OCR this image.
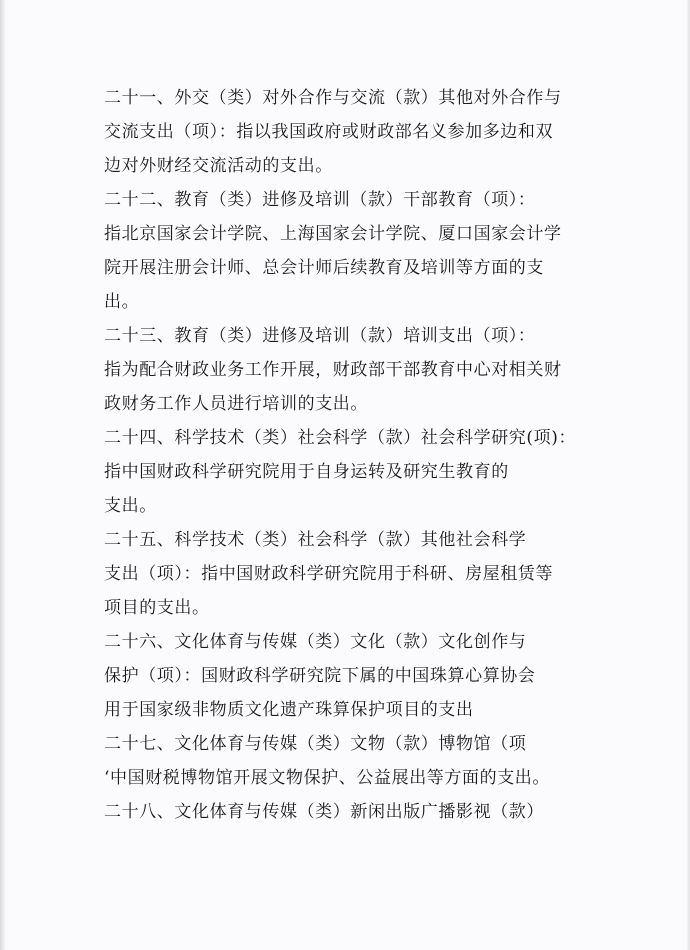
二十一、外交（类）对外合作与交流（款）其他对外合作与
交流支出（项）：指以我国政府或财政部名义参加多边和双
边对外财经交流活动的支出。
二十二、教育（类）进修及培训（款）干部教育（项）：
指北京国家会计学院、上海国家会计学院、厦口国家会计学
院开展注册会计师、总会计师后续教育及培训等方面的支
出。
二十三、教育（类）进修及培训（款）培训支出（项）：
指为配合财政业务工作开展，财政部干部教育中心对相关财
政财务工作人员进行培训的支出。
二十四、科学技术（类）社会科学（款）社会科学研究(项)：
指中国财政科学研究院用于自身运转及研究生教育的
支出。
二十五、科学技术（类）社会科学（款）其他社会科学
支出（项）：指中国财政科学研究院用于科研、房屋租赁等
项目的支出。
二十六、文化体育与传媒（类）文化（款）文化创作与
保护（项）：国财政科学研究院下属的中国珠算心算协会
用于国家级非物质文化遗产珠算保护项目的支出
二十七、文化体育与传媒（类）文物（款）博物馆（项
‘中国财税博物馆开展文物保护、公益展出等方面的支出。
二十八、文化体育与传媒（类）新闲出版广播影视（款）
